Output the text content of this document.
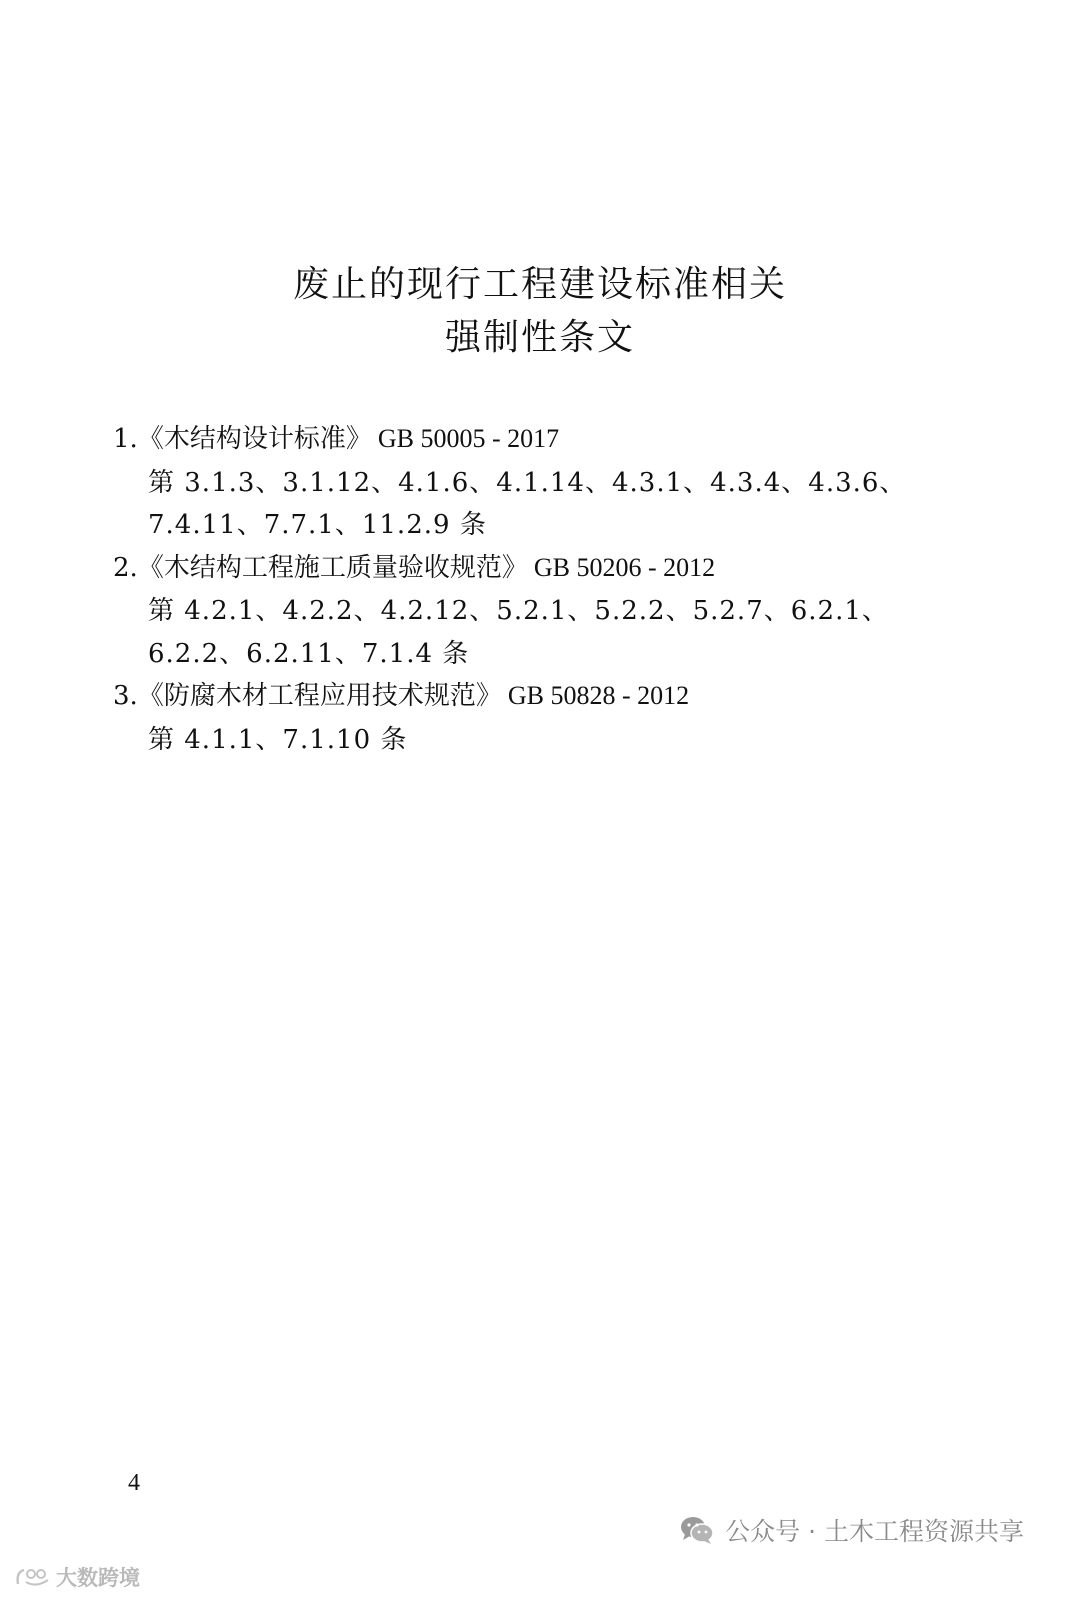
废止的现行工程建设标准相关
强制性条文
1.《木结构设计标准》 GB 50005 - 2017
第 3.1.3、3.1.12、4.1.6、4.1.14、4.3.1、4.3.4、4.3.6、
7.4.11、7.7.1、11.2.9 条
2.《木结构工程施工质量验收规范》 GB 50206 - 2012
第 4.2.1、4.2.2、4.2.12、5.2.1、5.2.2、5.2.7、6.2.1、
6.2.2、6.2.11、7.1.4 条
3.《防腐木材工程应用技术规范》 GB 50828 - 2012
第 4.1.1、7.1.10 条
4
公众号 · 土木工程资源共享
大数跨境
